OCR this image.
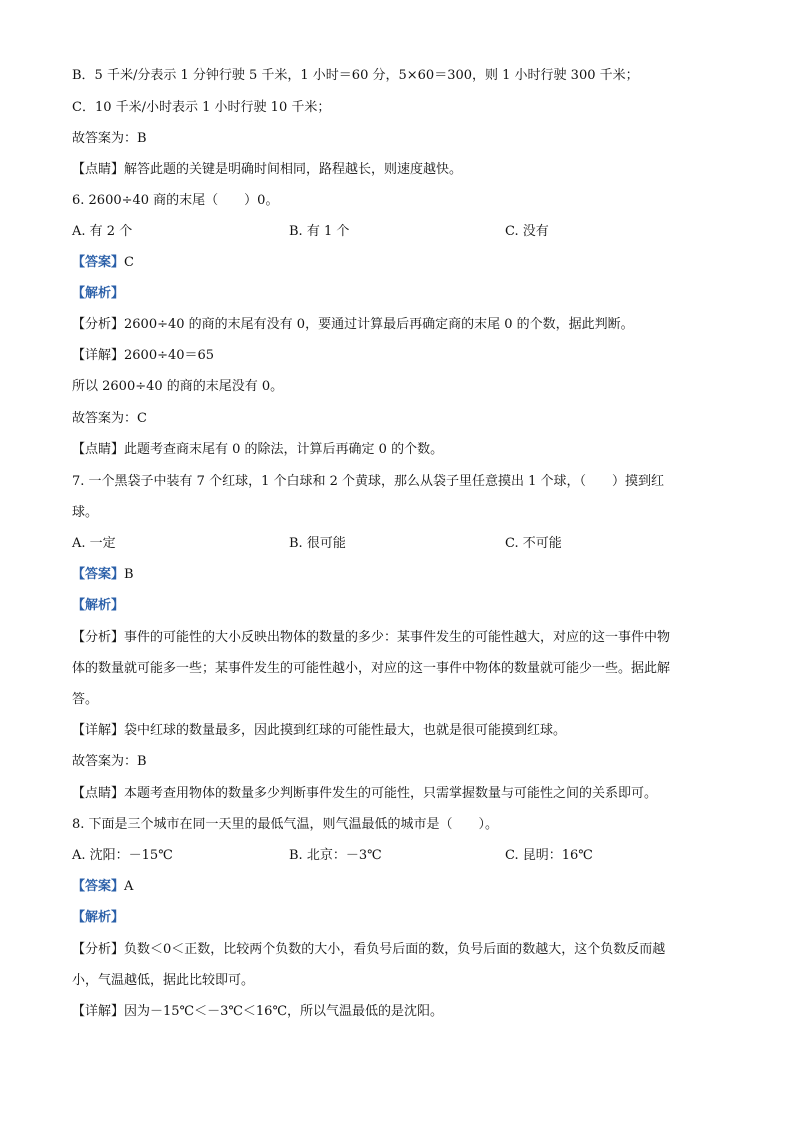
B．5 千米/分表示 1 分钟行驶 5 千米，1 小时＝60 分，5×60＝300，则 1 小时行驶 300 千米；
C．10 千米/小时表示 1 小时行驶 10 千米；
故答案为：B
【点睛】解答此题的关键是明确时间相同，路程越长，则速度越快。
6. 2600÷40 商的末尾（　　）0。
A. 有 2 个	B. 有 1 个	C. 没有
【答案】C
【解析】
【分析】2600÷40 的商的末尾有没有 0，要通过计算最后再确定商的末尾 0 的个数，据此判断。
【详解】2600÷40＝65
所以 2600÷40 的商的末尾没有 0。
故答案为：C
【点睛】此题考查商末尾有 0 的除法，计算后再确定 0 的个数。
7. 一个黑袋子中装有 7 个红球，1 个白球和 2 个黄球，那么从袋子里任意摸出 1 个球，（　　）摸到红
球。
A. 一定	B. 很可能	C. 不可能
【答案】B
【解析】
【分析】事件的可能性的大小反映出物体的数量的多少：某事件发生的可能性越大，对应的这一事件中物
体的数量就可能多一些；某事件发生的可能性越小，对应的这一事件中物体的数量就可能少一些。据此解
答。
【详解】袋中红球的数量最多，因此摸到红球的可能性最大，也就是很可能摸到红球。
故答案为：B
【点睛】本题考查用物体的数量多少判断事件发生的可能性，只需掌握数量与可能性之间的关系即可。
8. 下面是三个城市在同一天里的最低气温，则气温最低的城市是（　　）。
A. 沈阳：－15℃	B. 北京：－3℃	C. 昆明：16℃
【答案】A
【解析】
【分析】负数＜0＜正数，比较两个负数的大小，看负号后面的数，负号后面的数越大，这个负数反而越
小，气温越低，据此比较即可。
【详解】因为－15℃＜－3℃＜16℃，所以气温最低的是沈阳。
